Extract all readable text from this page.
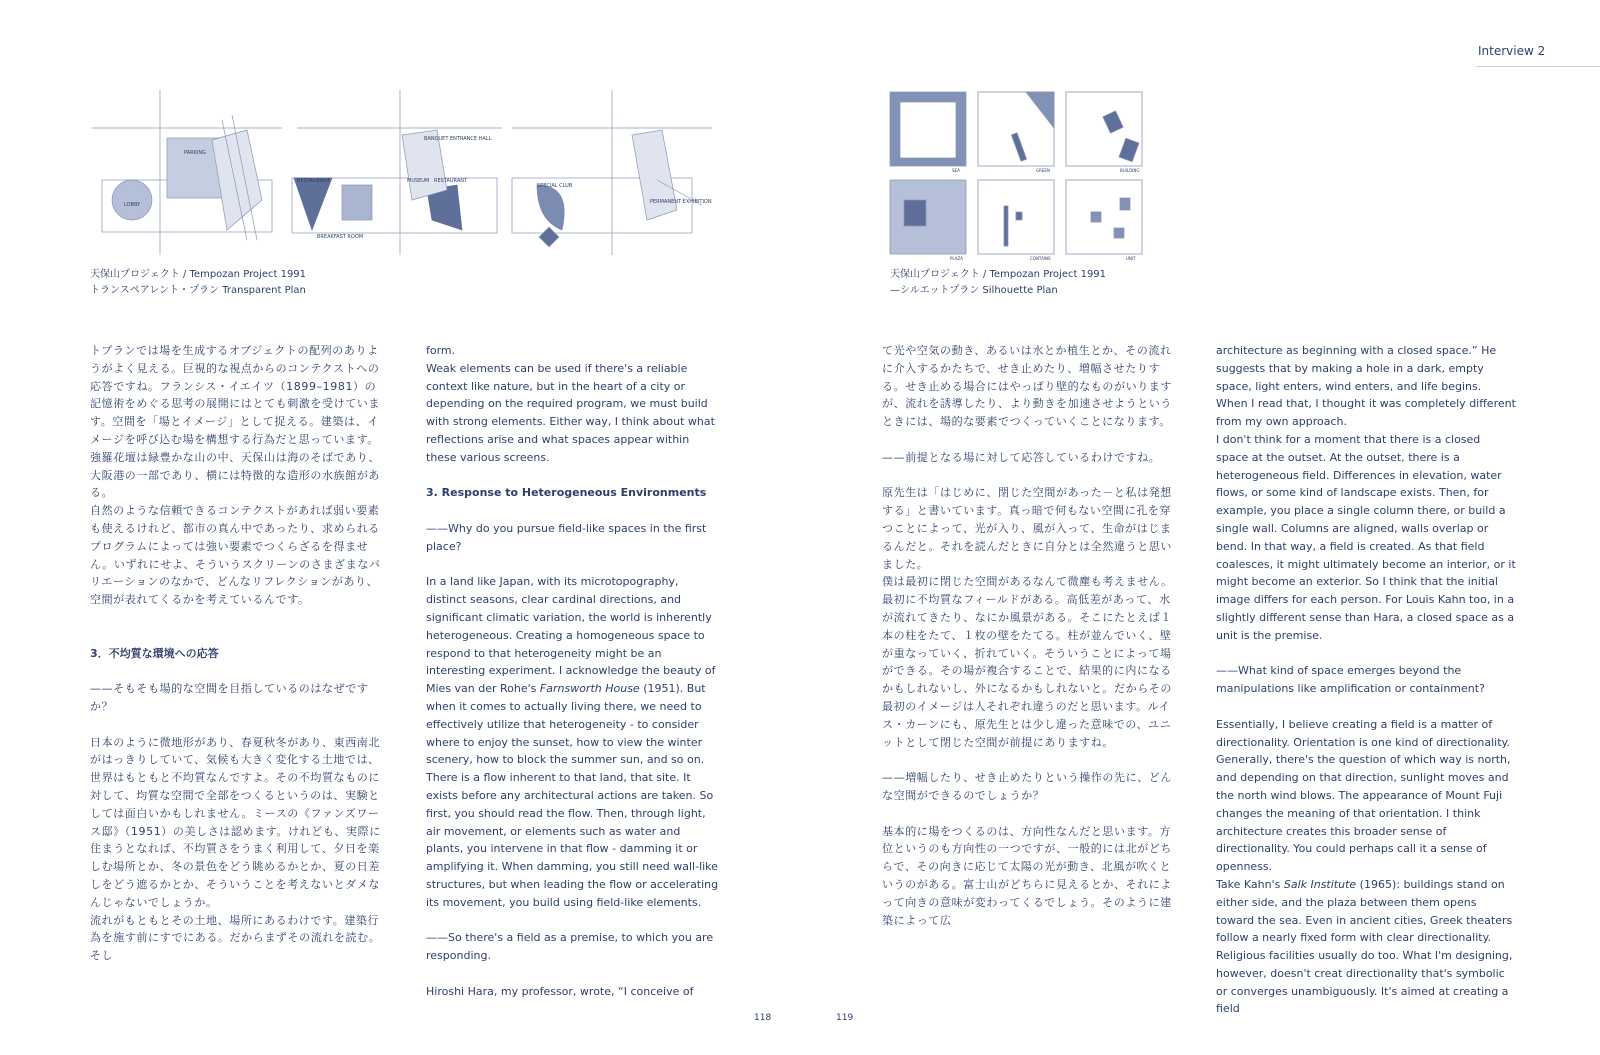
Interview 2
PARKING
LOBBY
BANQUET ENTRANCE HALL
RESTAURANT	MUSEUM RESTAURANT
BREAKFAST ROOM
SPECIAL CLUB
PERMANENT EXHIBITION
天保山プロジェクト / Tempozan Project 1991
トランスペアレント・プラン Transparent Plan
SEA	GREEN	BUILDING
PLAZA	CONTAINS	UNIT
天保山プロジェクト / Tempozan Project 1991
—シルエットプラン Silhouette Plan

トプランでは場を生成するオブジェクトの配列のありようがよく見える。巨視的な視点からのコンテクストへの応答ですね。フランシス・イエイツ（1899–1981）の記憶術をめぐる思考の展開にはとても刺激を受けています。空間を「場とイメージ」として捉える。建築は、イメージを呼び込む場を構想する行為だと思っています。強羅花壇は緑豊かな山の中、天保山は海のそばであり、大阪港の一部であり、横には特徴的な造形の水族館がある。

自然のような信頼できるコンテクストがあれば弱い要素も使えるけれど、都市の真ん中であったり、求められるプログラムによっては強い要素でつくらざるを得ません。いずれにせよ、そういうスクリーンのさまざまなバリエーションのなかで、どんなリフレクションがあり、空間が表れてくるかを考えているんです。

3．不均質な環境への応答

——そもそも場的な空間を目指しているのはなぜですか？

日本のように微地形があり、春夏秋冬があり、東西南北がはっきりしていて、気候も大きく変化する土地では、世界はもともと不均質なんですよ。その不均質なものに対して、均質な空間で全部をつくるというのは、実験としては面白いかもしれません。ミースの《ファンズワース邸》（1951）の美しさは認めます。けれども、実際に住まうとなれば、不均質さをうまく利用して、夕日を楽しむ場所とか、冬の景色をどう眺めるかとか、夏の日差しをどう遮るかとか、そういうことを考えないとダメなんじゃないでしょうか。

流れがもともとその土地、場所にあるわけです。建築行為を施す前にすでにある。だからまずその流れを読む。そし

form.

Weak elements can be used if there's a reliable context like nature, but in the heart of a city or depending on the required program, we must build with strong elements. Either way, I think about what reflections arise and what spaces appear within these various screens.

3. Response to Heterogeneous Environments

——Why do you pursue field-like spaces in the first place?

In a land like Japan, with its microtopography, distinct seasons, clear cardinal directions, and significant climatic variation, the world is inherently heterogeneous. Creating a homogeneous space to respond to that heterogeneity might be an interesting experiment. I acknowledge the beauty of Mies van der Rohe's Farnsworth House (1951). But when it comes to actually living there, we need to effectively utilize that heterogeneity - to consider where to enjoy the sunset, how to view the winter scenery, how to block the summer sun, and so on.

There is a flow inherent to that land, that site. It exists before any architectural actions are taken. So first, you should read the flow. Then, through light, air movement, or elements such as water and plants, you intervene in that flow - damming it or amplifying it. When damming, you still need wall-like structures, but when leading the flow or accelerating its movement, you build using field-like elements.

——So there's a field as a premise, to which you are responding.

Hiroshi Hara, my professor, wrote, “I conceive of

て光や空気の動き、あるいは水とか植生とか、その流れに介入するかたちで、せき止めたり、増幅させたりする。せき止める場合にはやっぱり壁的なものがいりますが、流れを誘導したり、より動きを加速させようというときには、場的な要素でつくっていくことになります。

——前提となる場に対して応答しているわけですね。

原先生は「はじめに、閉じた空間があった－と私は発想する」と書いています。真っ暗で何もない空間に孔を穿つことによって、光が入り、風が入って、生命がはじまるんだと。それを読んだときに自分とは全然違うと思いました。

僕は最初に閉じた空間があるなんて微塵も考えません。最初に不均質なフィールドがある。高低差があって、水が流れてきたり、なにか風景がある。そこにたとえば１本の柱をたて、１枚の壁をたてる。柱が並んでいく、壁が重なっていく、折れていく。そういうことによって場ができる。その場が複合することで、結果的に内になるかもしれないし、外になるかもしれないと。だからその最初のイメージは人それぞれ違うのだと思います。ルイス・カーンにも、原先生とは少し違った意味での、ユニットとして閉じた空間が前提にありますね。

——増幅したり、せき止めたりという操作の先に、どんな空間ができるのでしょうか？

基本的に場をつくるのは、方向性なんだと思います。方位というのも方向性の一つですが、一般的には北がどちらで、その向きに応じて太陽の光が動き、北風が吹くというのがある。富士山がどちらに見えるとか、それによって向きの意味が変わってくるでしょう。そのように建築によって広

architecture as beginning with a closed space.” He suggests that by making a hole in a dark, empty space, light enters, wind enters, and life begins. When I read that, I thought it was completely different from my own approach.

I don't think for a moment that there is a closed space at the outset. At the outset, there is a heterogeneous field. Differences in elevation, water flows, or some kind of landscape exists. Then, for example, you place a single column there, or build a single wall. Columns are aligned, walls overlap or bend. In that way, a field is created. As that field coalesces, it might ultimately become an interior, or it might become an exterior. So I think that the initial image differs for each person. For Louis Kahn too, in a slightly different sense than Hara, a closed space as a unit is the premise.

——What kind of space emerges beyond the manipulations like amplification or containment?

Essentially, I believe creating a field is a matter of directionality. Orientation is one kind of directionality. Generally, there's the question of which way is north, and depending on that direction, sunlight moves and the north wind blows. The appearance of Mount Fuji changes the meaning of that orientation. I think architecture creates this broader sense of directionality. You could perhaps call it a sense of openness.

Take Kahn's Salk Institute (1965): buildings stand on either side, and the plaza between them opens toward the sea. Even in ancient cities, Greek theaters follow a nearly fixed form with clear directionality.

Religious facilities usually do too. What I'm designing, however, doesn't creat directionality that's symbolic or converges unambiguously. It's aimed at creating a field

118	119
